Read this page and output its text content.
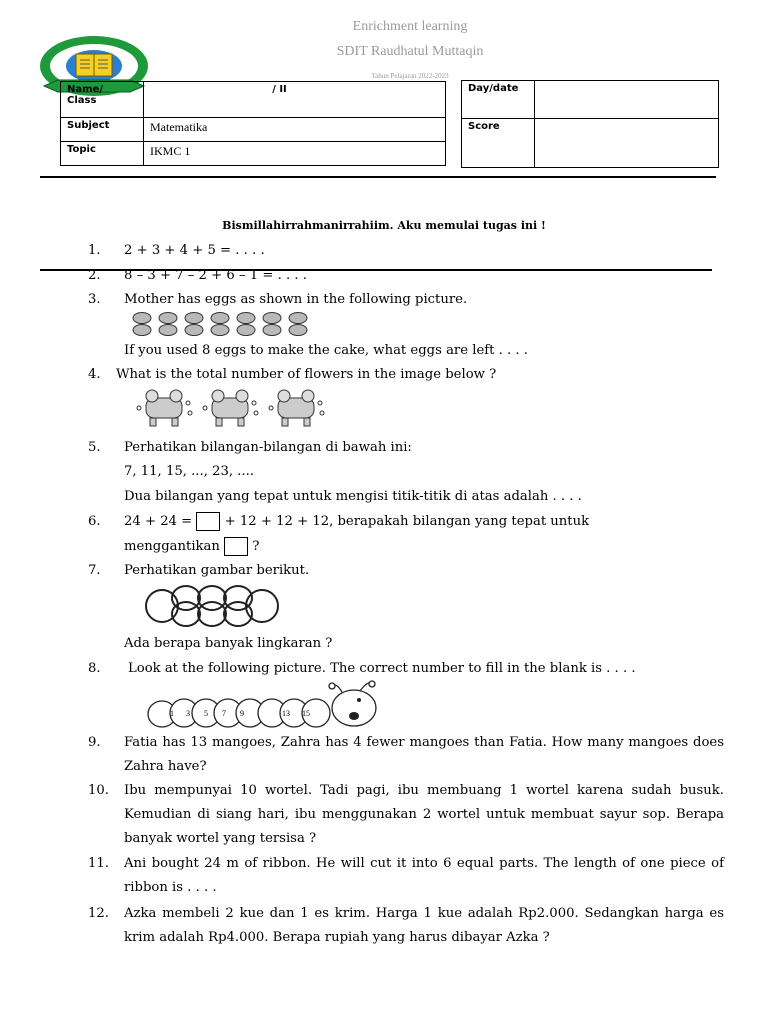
Enrichment learning
SDIT Raudhatul Muttaqin
Tahun Pelajaran 2022-2023
Name/
Class	/ II

Subject	Matematika
Topic	IKMC 1
Day/date	
Score	
Bismillahirrahmanirrahiim. Aku memulai tugas ini !
1. 2 + 3 + 4 + 5 = . . . .
2. 8 – 3 + 7 – 2 + 6 – 1 = . . . .
3. Mother has eggs as shown in the following picture.
If you used 8 eggs to make the cake, what eggs are left . . . .
4. What is the total number of flowers in the image below ?
5. Perhatikan bilangan-bilangan di bawah ini:
7, 11, 15, ..., 23, ....
Dua bilangan yang tepat untuk mengisi titik-titik di atas adalah . . . .
6. 24 + 24 = + 12 + 12 + 12, berapakah bilangan yang tepat untuk
menggantikan ?
7. Perhatikan gambar berikut.
Ada berapa banyak lingkaran ?
8. Look at the following picture. The correct number to fill in the blank is . . . .
1 3 5 7 9	13 15
9. Fatia has 13 mangoes, Zahra has 4 fewer mangoes than Fatia. How many mangoes does Zahra have?
10. Ibu mempunyai 10 wortel. Tadi pagi, ibu membuang 1 wortel karena sudah busuk. Kemudian di siang hari, ibu menggunakan 2 wortel untuk membuat sayur sop. Berapa banyak wortel yang tersisa ?
11. Ani bought 24 m of ribbon. He will cut it into 6 equal parts. The length of one piece of ribbon is . . . .
12. Azka membeli 2 kue dan 1 es krim. Harga 1 kue adalah Rp2.000. Sedangkan harga es krim adalah Rp4.000. Berapa rupiah yang harus dibayar Azka ?
